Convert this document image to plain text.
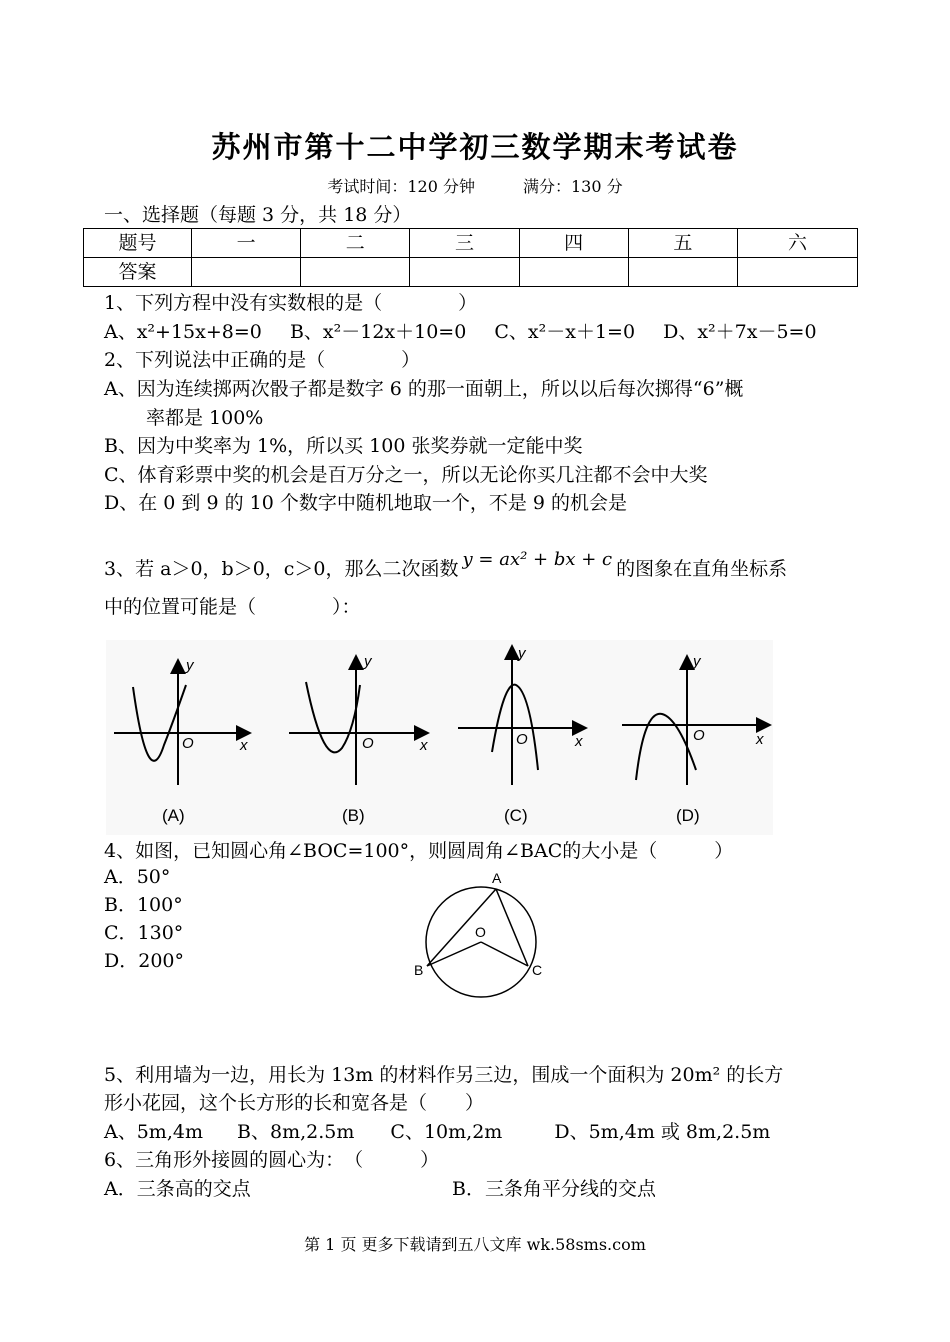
苏州市第十二中学初三数学期末考试卷
考试时间：120 分钟	满分：130 分
一、选择题（每题 3 分，共 18 分）
题号	一	二	三	四	五	六
答案						
1、下列方程中没有实数根的是（　　　　）
A、x²+15x+8=0 B、x²－12x＋10=0 C、x²－x＋1=0 D、x²＋7x－5=0
2、下列说法中正确的是（　　　　）
A、因为连续掷两次骰子都是数字 6 的那一面朝上，所以以后每次掷得“6”概
率都是 100%
B、因为中奖率为 1%，所以买 100 张奖券就一定能中奖
C、体育彩票中奖的机会是百万分之一，所以无论你买几注都不会中大奖
D、在 0 到 9 的 10 个数字中随机地取一个，不是 9 的机会是
3、若 a＞0，b＞0，c＞0，那么二次函数 y = ax² + bx + c 的图象在直角坐标系
中的位置可能是（　　　　）：
O	x
y
(A)
O	x
y
(B)
O	x
y
(C)
O	x
y
(D)
4、如图，已知圆心角∠BOC=100°，则圆周角∠BAC的大小是（　　　）
A．50°
B．100°
C．130°
D．200°
A
O
B	C
5、利用墙为一边，用长为 13m 的材料作另三边，围成一个面积为 20m² 的长方
形小花园，这个长方形的长和宽各是（　　）
A、5m,4m B、8m,2.5m C、10m,2m	D、5m,4m 或 8m,2.5m
6、三角形外接圆的圆心为：　（　　　）
A．三条高的交点	B．三条角平分线的交点
第 1 页 更多下载请到五八文库 wk.58sms.com
